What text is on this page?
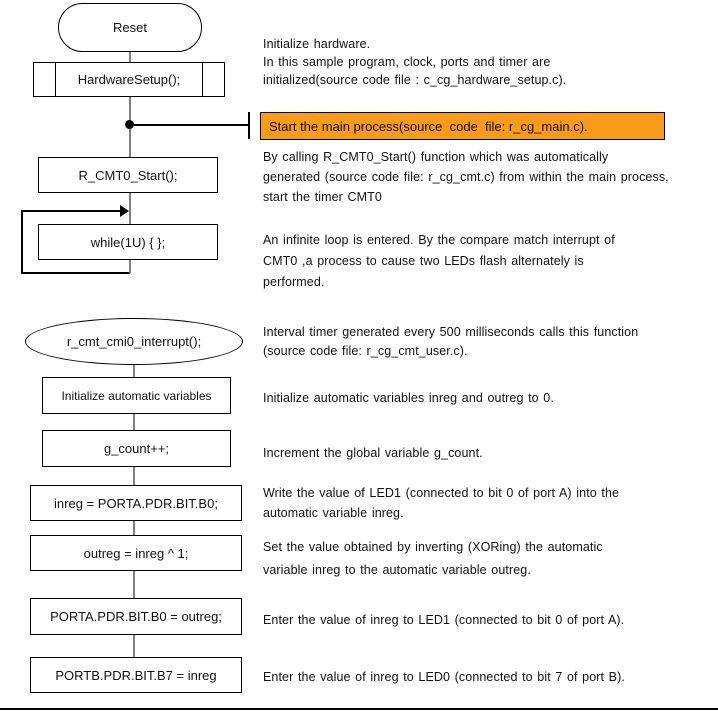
Reset
HardwareSetup();
Start the main process(source  code  file: r_cg_main.c).
R_CMT0_Start();
while(1U) { };
r_cmt_cmi0_interrupt();
Initialize automatic variables
g_count++;
inreg = PORTA.PDR.BIT.B0;
outreg = inreg ^ 1;
PORTA.PDR.BIT.B0 = outreg;
PORTB.PDR.BIT.B7 = inreg
Initialize hardware.
In this sample program, clock, ports and timer are
initialized(source code file : c_cg_hardware_setup.c).
By calling R_CMT0_Start() function which was automatically
generated (source code file: r_cg_cmt.c) from within the main process,
start the timer CMT0
An infinite loop is entered. By the compare match interrupt of
CMT0 ,a process to cause two LEDs flash alternately is
performed.
Interval timer generated every 500 milliseconds calls this function
(source code file: r_cg_cmt_user.c).
Initialize automatic variables inreg and outreg to 0.
Increment the global variable g_count.
Write the value of LED1 (connected to bit 0 of port A) into the
automatic variable inreg.
Set the value obtained by inverting (XORing) the automatic
variable inreg to the automatic variable outreg.
Enter the value of inreg to LED1 (connected to bit 0 of port A).
Enter the value of inreg to LED0 (connected to bit 7 of port B).
